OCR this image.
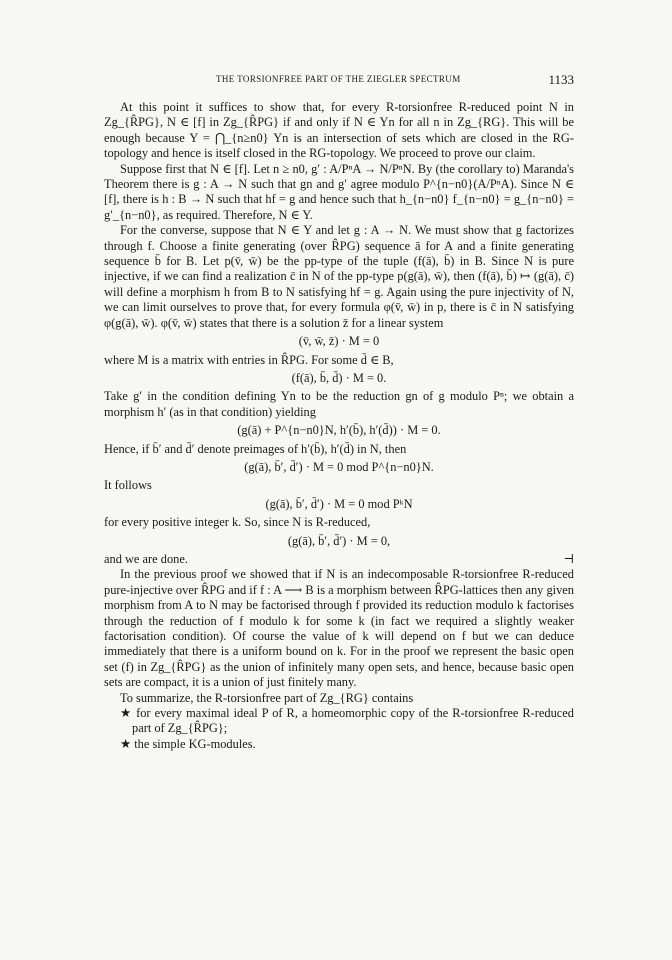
THE TORSIONFREE PART OF THE ZIEGLER SPECTRUM	1133

At this point it suffices to show that, for every R-torsionfree R-reduced point N in Zg_{R̂PG}, N ∈ [f] in Zg_{R̂PG} if and only if N ∈ Yn for all n in Zg_{RG}. This will be enough because Y = ⋂_{n≥n0} Yn is an intersection of sets which are closed in the RG-topology and hence is itself closed in the RG-topology. We proceed to prove our claim.

Suppose first that N ∈ [f]. Let n ≥ n0, g′ : A/PⁿA → N/PⁿN. By (the corollary to) Maranda's Theorem there is g : A → N such that gn and g′ agree modulo P^{n−n0}(A/PⁿA). Since N ∈ [f], there is h : B → N such that hf = g and hence such that h_{n−n0} f_{n−n0} = g_{n−n0} = g′_{n−n0}, as required. Therefore, N ∈ Y.

For the converse, suppose that N ∈ Y and let g : A → N. We must show that g factorizes through f. Choose a finite generating (over R̂PG) sequence ā for A and a finite generating sequence b̄ for B. Let p(v̄, w̄) be the pp-type of the tuple (f(ā), b̄) in B. Since N is pure injective, if we can find a realization c̄ in N of the pp-type p(g(ā), w̄), then (f(ā), b̄) ↦ (g(ā), c̄) will define a morphism h from B to N satisfying hf = g. Again using the pure injectivity of N, we can limit ourselves to prove that, for every formula φ(v̄, w̄) in p, there is c̄ in N satisfying φ(g(ā), w̄). φ(v̄, w̄) states that there is a solution z̄ for a linear system

(v̄, w̄, z̄) · M = 0

where M is a matrix with entries in R̂PG. For some d̄ ∈ B,

(f(ā), b̄, d̄) · M = 0.

Take g′ in the condition defining Yn to be the reduction gn of g modulo Pⁿ; we obtain a morphism h′ (as in that condition) yielding

(g(ā) + P^{n−n0}N, h′(b̄), h′(d̄)) · M = 0.

Hence, if b̄′ and d̄′ denote preimages of h′(b̄), h′(d̄) in N, then

(g(ā), b̄′, d̄′) · M = 0 mod P^{n−n0}N.

It follows

(g(ā), b̄′, d̄′) · M = 0 mod PᵏN

for every positive integer k. So, since N is R-reduced,

(g(ā), b̄′, d̄′) · M = 0,

and we are done.	⊣

In the previous proof we showed that if N is an indecomposable R-torsionfree R-reduced pure-injective over R̂PG and if f : A ⟶ B is a morphism between R̂PG-lattices then any given morphism from A to N may be factorised through f provided its reduction modulo k factorises through the reduction of f modulo k for some k (in fact we required a slightly weaker factorisation condition). Of course the value of k will depend on f but we can deduce immediately that there is a uniform bound on k. For in the proof we represent the basic open set (f) in Zg_{R̂PG} as the union of infinitely many open sets, and hence, because basic open sets are compact, it is a union of just finitely many.

To summarize, the R-torsionfree part of Zg_{RG} contains

★ for every maximal ideal P of R, a homeomorphic copy of the R-torsionfree R-reduced part of Zg_{R̂PG};

★ the simple KG-modules.
